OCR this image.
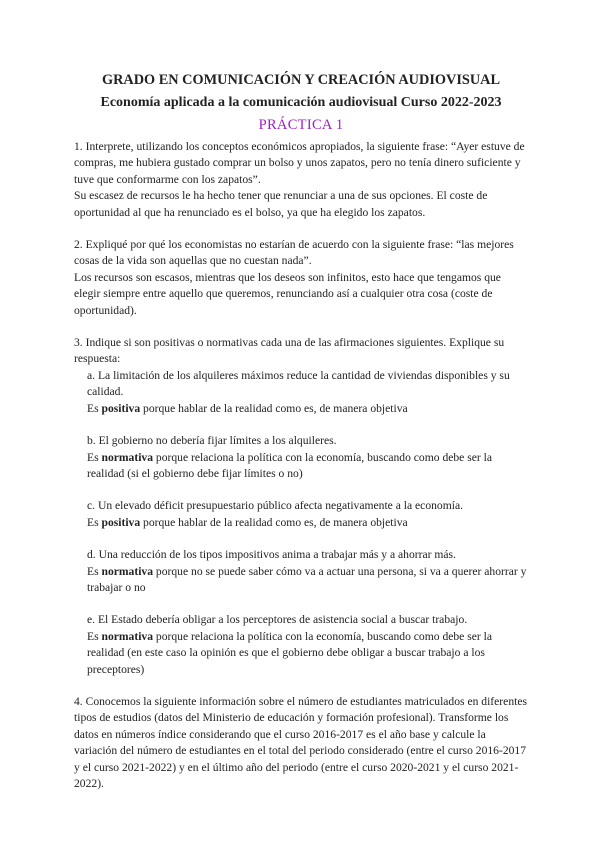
GRADO EN COMUNICACIÓN Y CREACIÓN AUDIOVISUAL
Economía aplicada a la comunicación audiovisual Curso 2022-2023
PRÁCTICA 1

1. Interprete, utilizando los conceptos económicos apropiados, la siguiente frase: “Ayer estuve de compras, me hubiera gustado comprar un bolso y unos zapatos, pero no tenía dinero suficiente y tuve que conformarme con los zapatos”.

Su escasez de recursos le ha hecho tener que renunciar a una de sus opciones. El coste de oportunidad al que ha renunciado es el bolso, ya que ha elegido los zapatos.

2. Expliqué por qué los economistas no estarían de acuerdo con la siguiente frase: “las mejores cosas de la vida son aquellas que no cuestan nada”.

Los recursos son escasos, mientras que los deseos son infinitos, esto hace que tengamos que elegir siempre entre aquello que queremos, renunciando así a cualquier otra cosa (coste de oportunidad).

3. Indique si son positivas o normativas cada una de las afirmaciones siguientes. Explique su respuesta:

a. La limitación de los alquileres máximos reduce la cantidad de viviendas disponibles y su calidad.

Es positiva porque hablar de la realidad como es, de manera objetiva

b. El gobierno no debería fijar límites a los alquileres.

Es normativa porque relaciona la política con la economía, buscando como debe ser la realidad (si el gobierno debe fijar límites o no)

c. Un elevado déficit presupuestario público afecta negativamente a la economía.

Es positiva porque hablar de la realidad como es, de manera objetiva

d. Una reducción de los tipos impositivos anima a trabajar más y a ahorrar más.

Es normativa porque no se puede saber cómo va a actuar una persona, si va a querer ahorrar y trabajar o no

e. El Estado debería obligar a los perceptores de asistencia social a buscar trabajo.

Es normativa porque relaciona la política con la economía, buscando como debe ser la realidad (en este caso la opinión es que el gobierno debe obligar a buscar trabajo a los preceptores)

4. Conocemos la siguiente información sobre el número de estudiantes matriculados en diferentes tipos de estudios (datos del Ministerio de educación y formación profesional). Transforme los datos en números índice considerando que el curso 2016-2017 es el año base y calcule la variación del número de estudiantes en el total del periodo considerado (entre el curso 2016-2017 y el curso 2021-2022) y en el último año del periodo (entre el curso 2020-2021 y el curso 2021-2022).
